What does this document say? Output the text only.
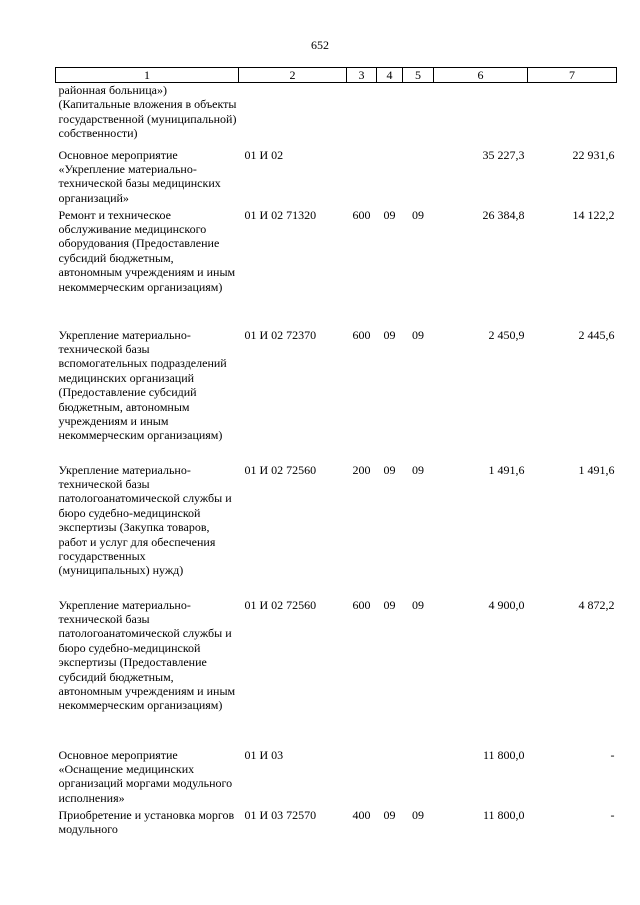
652
1	2	3	4	5	6	7
районная больница»)
(Капитальные вложения в объекты государственной (муниципальной) собственности)						
Основное мероприятие «Укрепление материально-технической базы медицинских организаций»	01 И 02				35 227,3	22 931,6
Ремонт и техническое обслуживание медицинского оборудования (Предоставление субсидий бюджетным, автономным учреждениям и иным некоммерческим организациям)	01 И 02 71320	600	09	09	26 384,8	14 122,2
Укрепление материально-технической базы вспомогательных подразделений медицинских организаций (Предоставление субсидий бюджетным, автономным учреждениям и иным некоммерческим организациям)	01 И 02 72370	600	09	09	2 450,9	2 445,6
Укрепление материально-технической базы патологоанатомической службы и бюро судебно-медицинской экспертизы (Закупка товаров, работ и услуг для обеспечения государственных (муниципальных) нужд)	01 И 02 72560	200	09	09	1 491,6	1 491,6
Укрепление материально-технической базы патологоанатомической службы и бюро судебно-медицинской экспертизы (Предоставление субсидий бюджетным, автономным учреждениям и иным некоммерческим организациям)	01 И 02 72560	600	09	09	4 900,0	4 872,2
Основное мероприятие «Оснащение медицинских организаций моргами модульного исполнения»	01 И 03				11 800,0	-
Приобретение и установка моргов модульного	01 И 03 72570	400	09	09	11 800,0	-
